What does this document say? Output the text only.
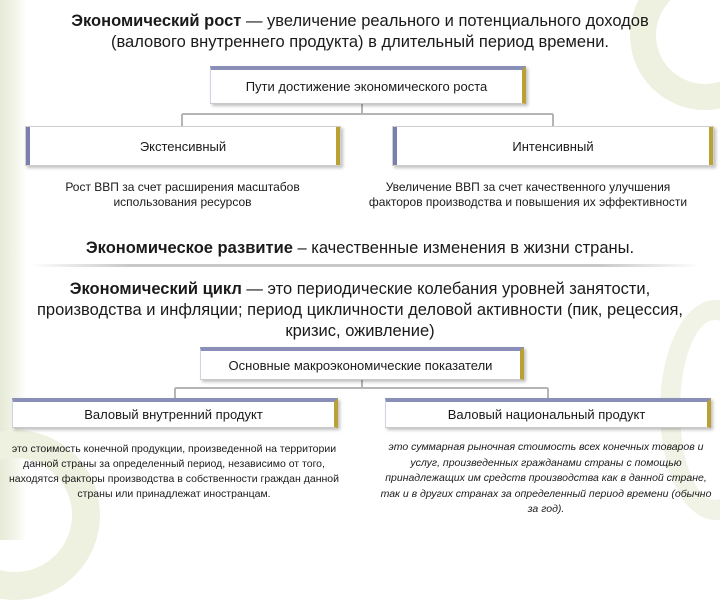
Экономический рост — увеличение реального и потенциального доходов (валового внутреннего продукта) в длительный период времени.
Пути достижение экономического роста
Экстенсивный
Рост ВВП за счет расширения масштабов использования ресурсов
Интенсивный
Увеличение ВВП за счет качественного улучшения факторов производства и повышения их эффективности
Экономическое развитие – качественные изменения в жизни страны.
Экономический цикл — это периодические колебания уровней занятости, производства и инфляции; период цикличности деловой активности (пик, рецессия, кризис, оживление)
Основные макроэкономические показатели
Валовый внутренний продукт
это стоимость конечной продукции, произведенной на территории данной страны за определенный период, независимо от того, находятся факторы производства в собственности граждан данной страны или принадлежат иностранцам.
Валовый национальный продукт
это суммарная рыночная стоимость всех конечных товаров и услуг, произведенных гражданами страны с помощью принадлежащих им средств производства как в данной стране, так и в других странах за определенный период времени (обычно за год).
